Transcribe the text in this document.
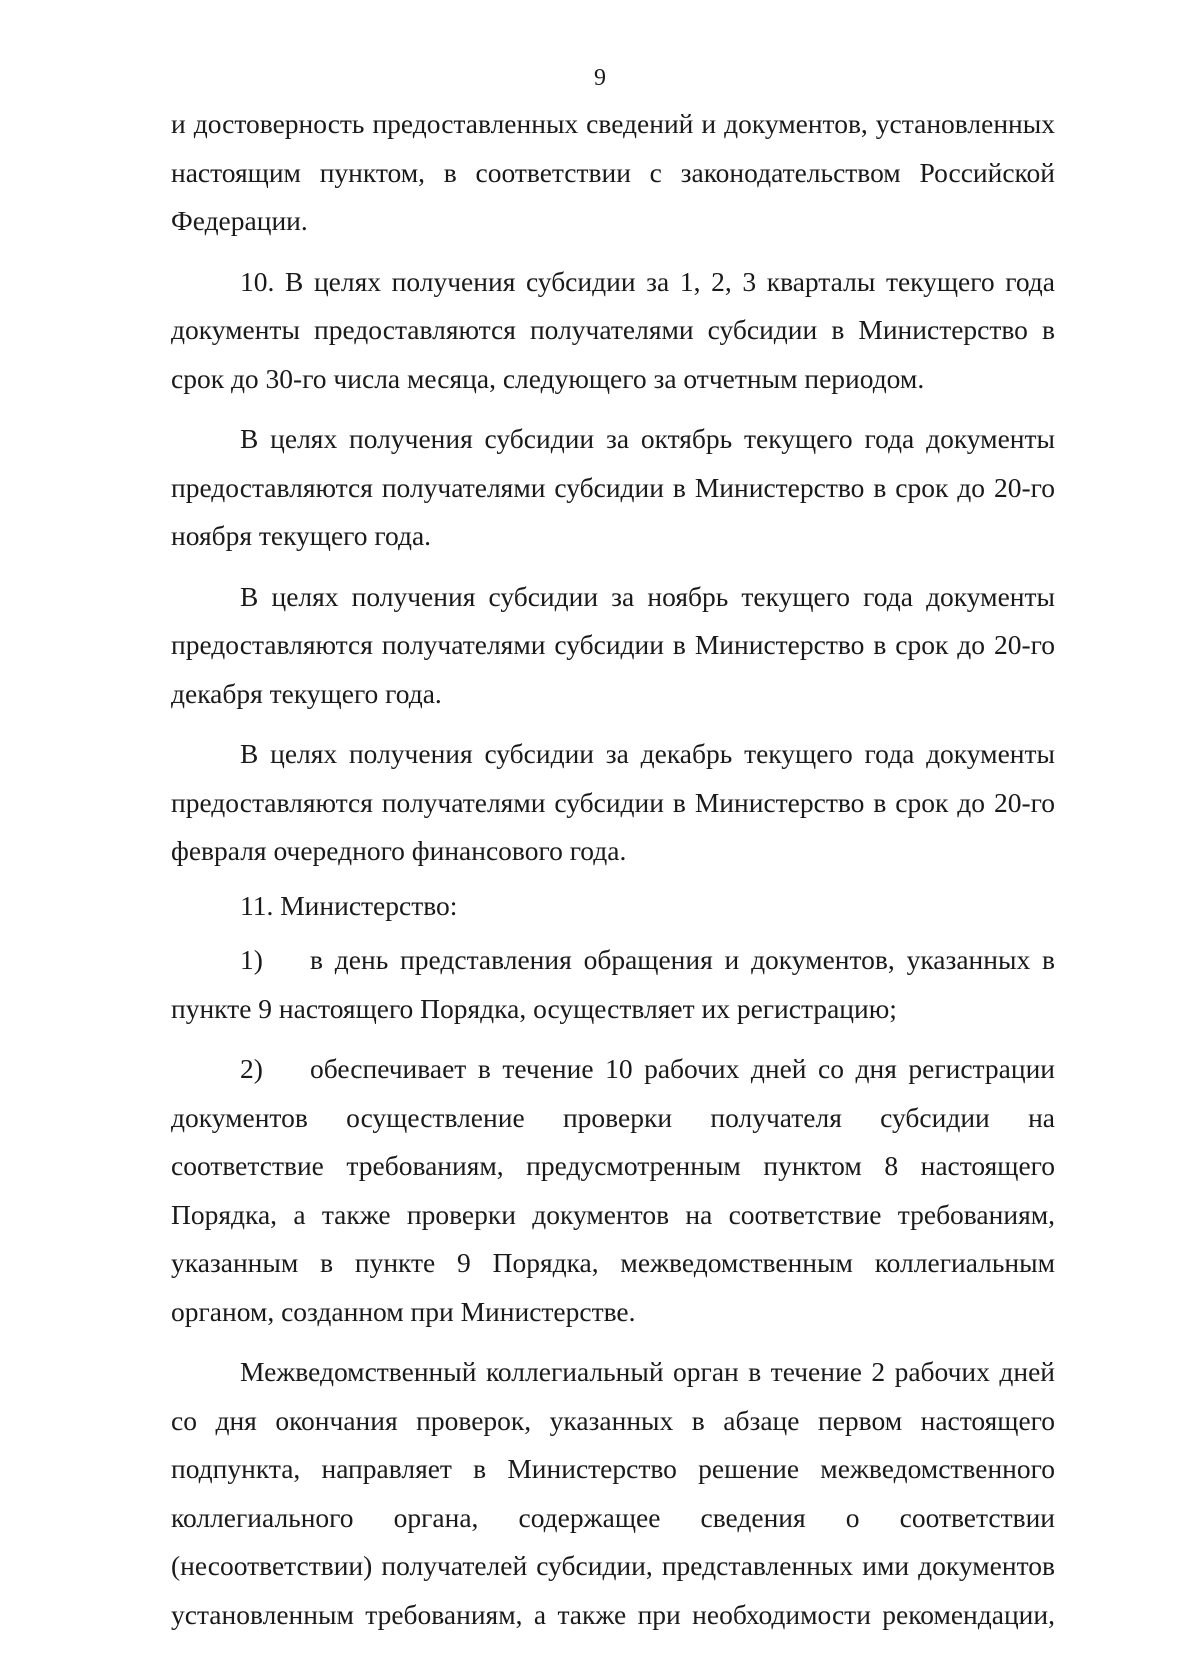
9

и достоверность предоставленных сведений и документов, установленных настоящим пунктом, в соответствии с законодательством Российской Федерации.

10. В целях получения субсидии за 1, 2, 3 кварталы текущего года документы предоставляются получателями субсидии в Министерство в срок до 30-го числа месяца, следующего за отчетным периодом.

В целях получения субсидии за октябрь текущего года документы предоставляются получателями субсидии в Министерство в срок до 20-го ноября текущего года.

В целях получения субсидии за ноябрь текущего года документы предоставляются получателями субсидии в Министерство в срок до 20-го декабря текущего года.

В целях получения субсидии за декабрь текущего года документы предоставляются получателями субсидии в Министерство в срок до 20-го февраля очередного финансового года.

11. Министерство:

1) в день представления обращения и документов, указанных в пункте 9 настоящего Порядка, осуществляет их регистрацию;

2) обеспечивает в течение 10 рабочих дней со дня регистрации документов осуществление проверки получателя субсидии на соответствие требованиям, предусмотренным пунктом 8 настоящего Порядка, а также проверки документов на соответствие требованиям, указанным в пункте 9 Порядка, межведомственным коллегиальным органом, созданном при Министерстве.

Межведомственный коллегиальный орган в течение 2 рабочих дней со дня окончания проверок, указанных в абзаце первом настоящего подпункта, направляет в Министерство решение межведомственного коллегиального органа, содержащее сведения о соответствии (несоответствии) получателей субсидии, представленных ими документов установленным требованиям, а также при необходимости рекомендации,
